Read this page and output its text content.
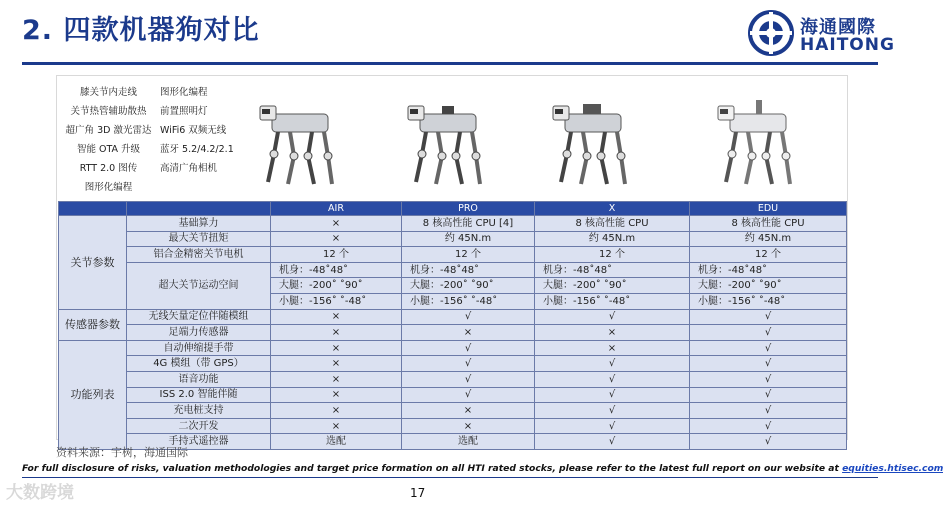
2. 四款机器狗对比	海通國際
HAITONG
膝关节内走线	图形化编程
关节热管辅助散热	前置照明灯
超广角 3D 激光雷达 WiFi6 双频无线
智能 OTA 升级	蓝牙 5.2/4.2/2.1
RTT 2.0 图传	高清广角相机
图形化编程
		AIR	PRO	X	EDU
关节参数	基础算力	×	8 核高性能 CPU [4]	8 核高性能 CPU	8 核高性能 CPU
	最大关节扭矩	×	约 45N.m	约 45N.m	约 45N.m
	铝合金精密关节电机	12 个	12 个	12 个	12 个
	超大关节运动空间	机身：-48˚48˚	机身：-48˚48˚	机身：-48˚48˚	机身：-48˚48˚
		大腿：-200˚ ˚90˚	大腿：-200˚ ˚90˚	大腿：-200˚ ˚90˚	大腿：-200˚ ˚90˚
		小腿：-156˚ ˚-48˚	小腿：-156˚ ˚-48˚	小腿：-156˚ ˚-48˚	小腿：-156˚ ˚-48˚
传感器参数	无线矢量定位伴随模组	×	√	√	√
	足端力传感器	×	×	×	√
功能列表	自动伸缩提手带	×	√	×	√
	4G 模组（带 GPS）	×	√	√	√
	语音功能	×	√	√	√
	ISS 2.0 智能伴随	×	√	√	√
	充电桩支持	×	×	√	√
	二次开发	×	×	√	√
	手持式遥控器	选配	选配	√	√
资料来源：宇树，海通国际
For full disclosure of risks, valuation methodologies and target price formation on all HTI rated stocks, please refer to the latest full report on our website at equities.htisec.com
大数跨境	17
